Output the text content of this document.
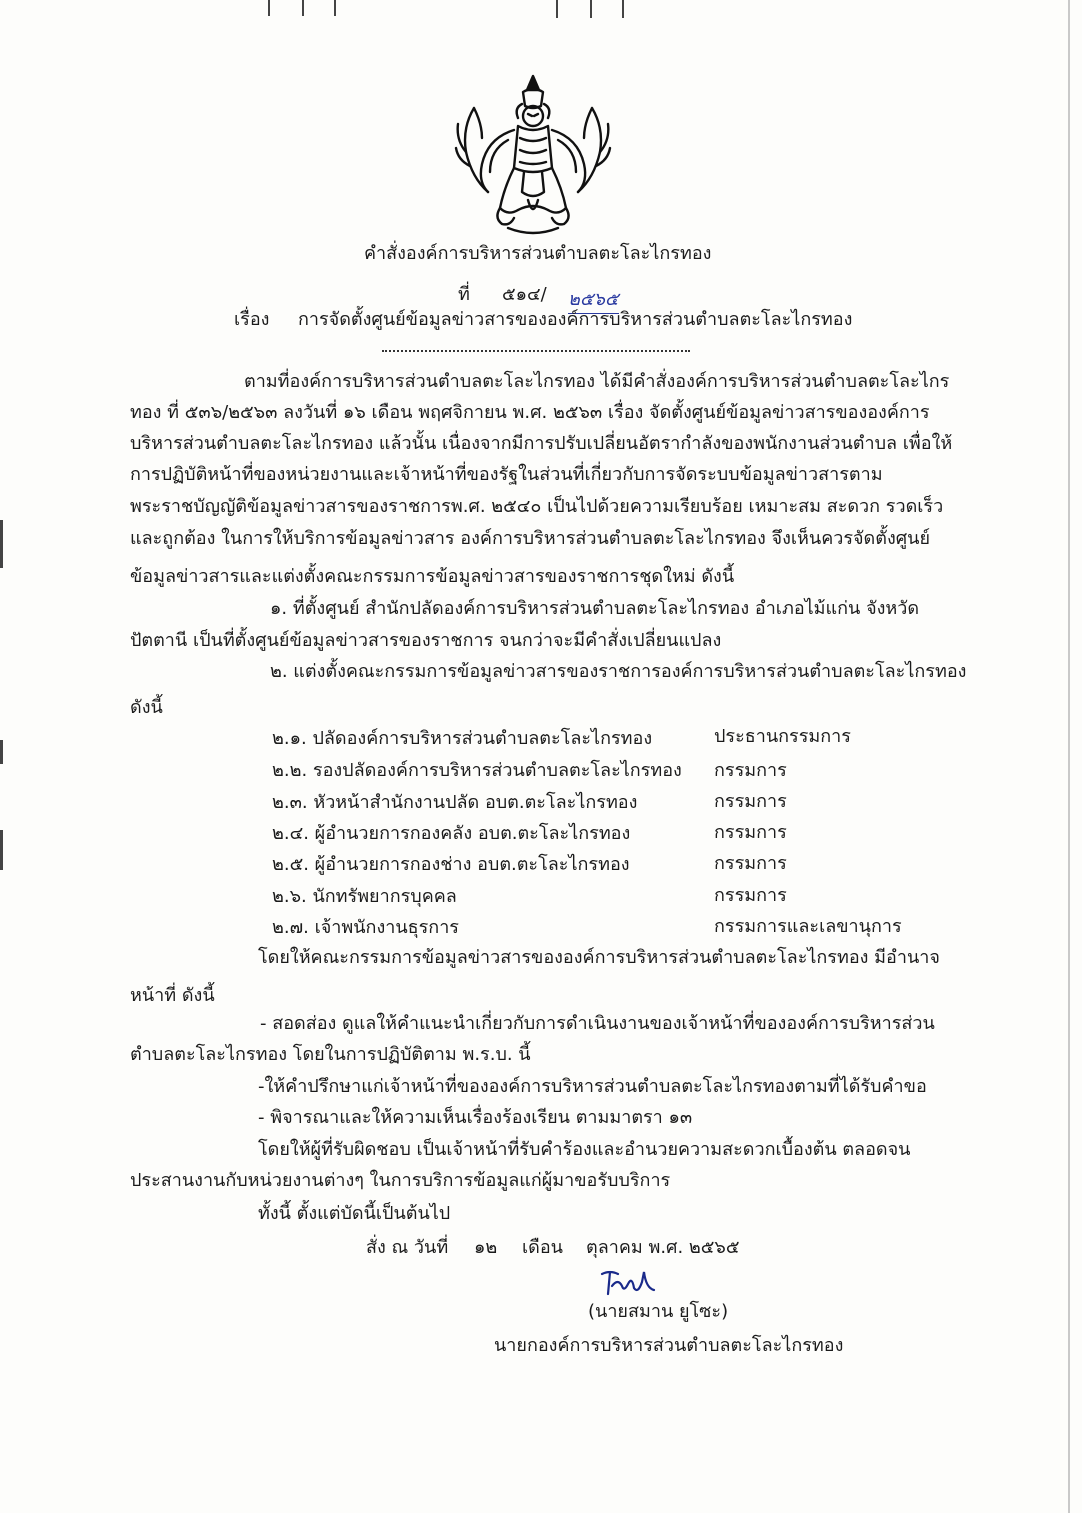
คำสั่งองค์การบริหารส่วนตำบลตะโละไกรทอง
ที่ ๕๑๔/ ๒๕๖๕
เรื่อง การจัดตั้งศูนย์ข้อมูลข่าวสารขององค์การบริหารส่วนตำบลตะโละไกรทอง
ตามที่องค์การบริหารส่วนตำบลตะโละไกรทอง ได้มีคำสั่งองค์การบริหารส่วนตำบลตะโละไกร
ทอง ที่ ๕๓๖/๒๕๖๓ ลงวันที่ ๑๖ เดือน พฤศจิกายน พ.ศ. ๒๕๖๓ เรื่อง จัดตั้งศูนย์ข้อมูลข่าวสารขององค์การ
บริหารส่วนตำบลตะโละไกรทอง แล้วนั้น เนื่องจากมีการปรับเปลี่ยนอัตรากำลังของพนักงานส่วนตำบล เพื่อให้
การปฏิบัติหน้าที่ของหน่วยงานและเจ้าหน้าที่ของรัฐในส่วนที่เกี่ยวกับการจัดระบบข้อมูลข่าวสารตาม
พระราชบัญญัติข้อมูลข่าวสารของราชการพ.ศ. ๒๕๔๐ เป็นไปด้วยความเรียบร้อย เหมาะสม สะดวก รวดเร็ว
และถูกต้อง ในการให้บริการข้อมูลข่าวสาร องค์การบริหารส่วนตำบลตะโละไกรทอง จึงเห็นควรจัดตั้งศูนย์
ข้อมูลข่าวสารและแต่งตั้งคณะกรรมการข้อมูลข่าวสารของราชการชุดใหม่ ดังนี้
๑. ที่ตั้งศูนย์ สำนักปลัดองค์การบริหารส่วนตำบลตะโละไกรทอง อำเภอไม้แก่น จังหวัด
ปัตตานี เป็นที่ตั้งศูนย์ข้อมูลข่าวสารของราชการ จนกว่าจะมีคำสั่งเปลี่ยนแปลง
๒. แต่งตั้งคณะกรรมการข้อมูลข่าวสารของราชการองค์การบริหารส่วนตำบลตะโละไกรทอง
ดังนี้
๒.๑. ปลัดองค์การบริหารส่วนตำบลตะโละไกรทอง	ประธานกรรมการ
๒.๒. รองปลัดองค์การบริหารส่วนตำบลตะโละไกรทอง กรรมการ
๒.๓. หัวหน้าสำนักงานปลัด อบต.ตะโละไกรทอง	กรรมการ
๒.๔. ผู้อำนวยการกองคลัง อบต.ตะโละไกรทอง	กรรมการ
๒.๕. ผู้อำนวยการกองช่าง อบต.ตะโละไกรทอง	กรรมการ
๒.๖. นักทรัพยากรบุคคล	กรรมการ
๒.๗. เจ้าพนักงานธุรการ	กรรมการและเลขานุการ
โดยให้คณะกรรมการข้อมูลข่าวสารขององค์การบริหารส่วนตำบลตะโละไกรทอง มีอำนาจ
หน้าที่ ดังนี้
- สอดส่อง ดูแลให้คำแนะนำเกี่ยวกับการดำเนินงานของเจ้าหน้าที่ขององค์การบริหารส่วน
ตำบลตะโละไกรทอง โดยในการปฏิบัติตาม พ.ร.บ. นี้
-ให้คำปรึกษาแก่เจ้าหน้าที่ขององค์การบริหารส่วนตำบลตะโละไกรทองตามที่ได้รับคำขอ
- พิจารณาและให้ความเห็นเรื่องร้องเรียน ตามมาตรา ๑๓
โดยให้ผู้ที่รับผิดชอบ เป็นเจ้าหน้าที่รับคำร้องและอำนวยความสะดวกเบื้องต้น ตลอดจน
ประสานงานกับหน่วยงานต่างๆ ในการบริการข้อมูลแก่ผู้มาขอรับบริการ
ทั้งนี้ ตั้งแต่บัดนี้เป็นต้นไป
สั่ง ณ วันที่ ๑๒ เดือน ตุลาคม พ.ศ. ๒๕๖๕
(นายสมาน ยูโซะ)
นายกองค์การบริหารส่วนตำบลตะโละไกรทอง
